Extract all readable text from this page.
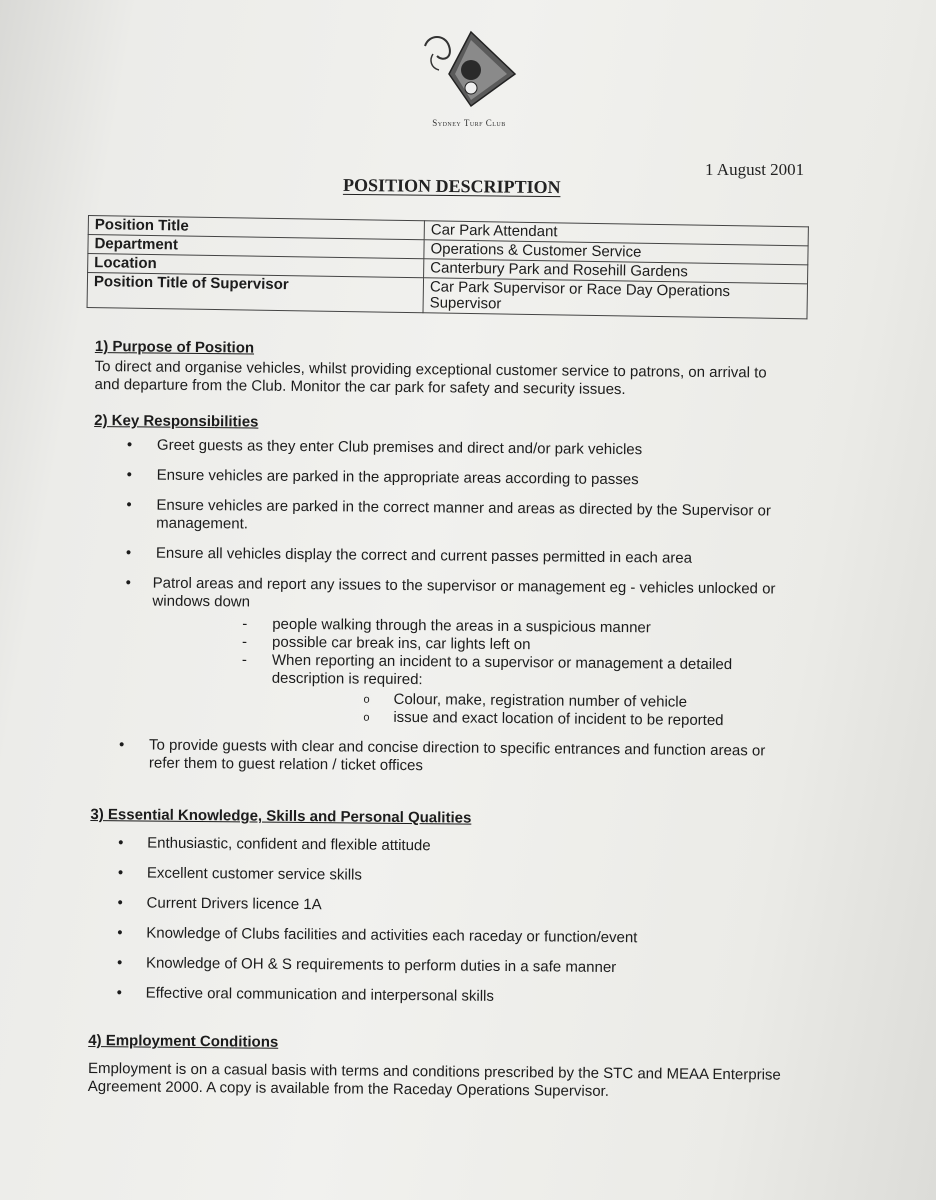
Sydney Turf Club
1 August 2001
POSITION DESCRIPTION
Position Title	Car Park Attendant
Department	Operations & Customer Service
Location	Canterbury Park and Rosehill Gardens
Position Title of Supervisor	Car Park Supervisor or Race Day Operations Supervisor

1) Purpose of Position

To direct and organise vehicles, whilst providing exceptional customer service to patrons, on arrival to and departure from the Club. Monitor the car park for safety and security issues.

2) Key Responsibilities

• Greet guests as they enter Club premises and direct and/or park vehicles
• Ensure vehicles are parked in the appropriate areas according to passes
• Ensure vehicles are parked in the correct manner and areas as directed by the Supervisor or management.
• Ensure all vehicles display the correct and current passes permitted in each area
• Patrol areas and report any issues to the supervisor or management eg - vehicles unlocked or windows down
- people walking through the areas in a suspicious manner
- possible car break ins, car lights left on
- When reporting an incident to a supervisor or management a detailed description is required:
o Colour, make, registration number of vehicle
o issue and exact location of incident to be reported
• To provide guests with clear and concise direction to specific entrances and function areas or refer them to guest relation / ticket offices

3) Essential Knowledge, Skills and Personal Qualities

• Enthusiastic, confident and flexible attitude
• Excellent customer service skills
• Current Drivers licence 1A
• Knowledge of Clubs facilities and activities each raceday or function/event
• Knowledge of OH & S requirements to perform duties in a safe manner
• Effective oral communication and interpersonal skills

4) Employment Conditions

Employment is on a casual basis with terms and conditions prescribed by the STC and MEAA Enterprise Agreement 2000. A copy is available from the Raceday Operations Supervisor.
